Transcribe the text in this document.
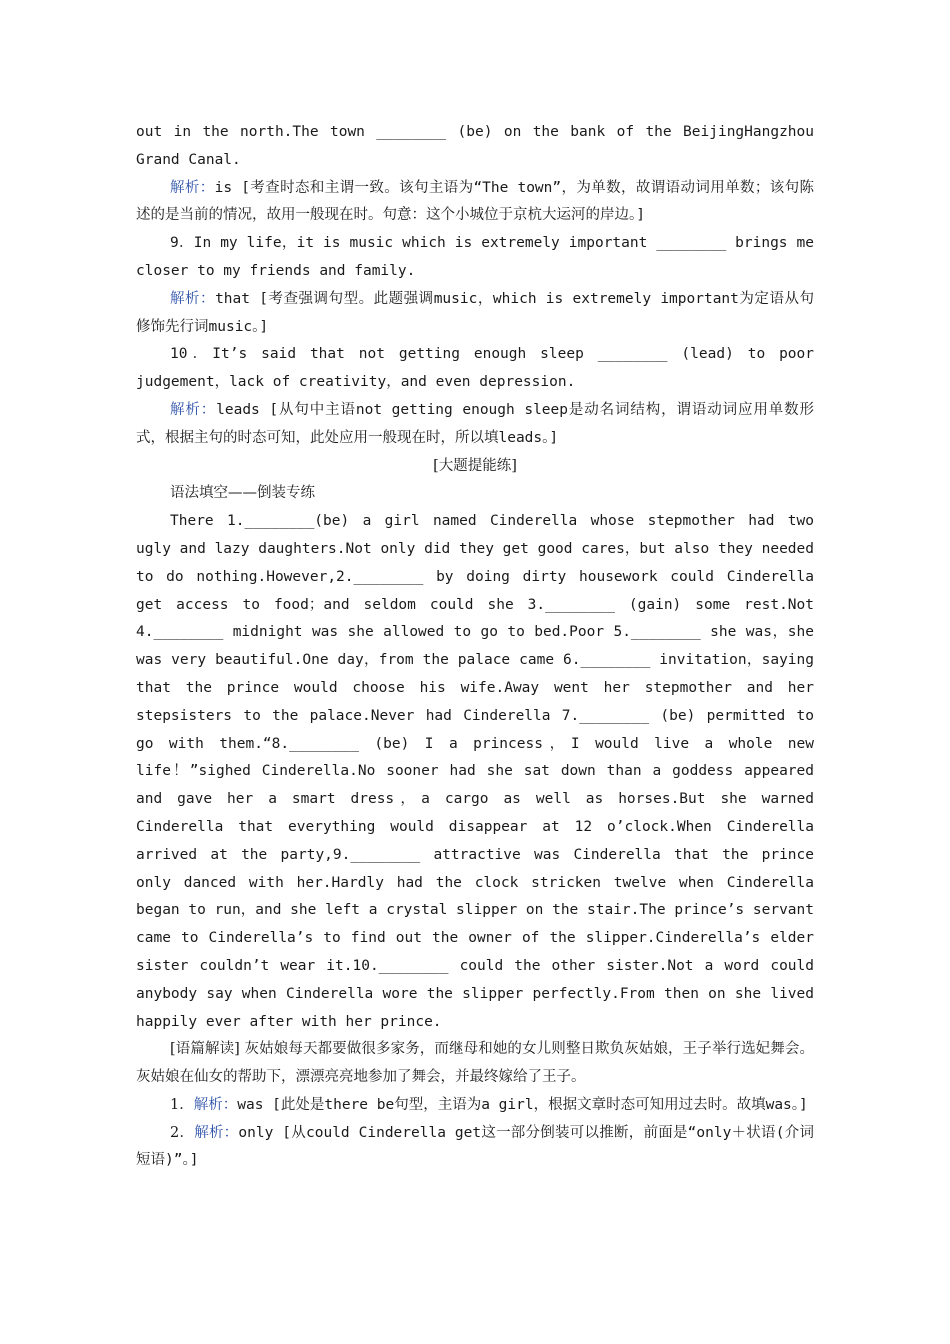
out in the north.The town ________ (be) on the bank of the BeijingHangzhou Grand Canal.

解析：is [考查时态和主谓一致。该句主语为“The town”，为单数，故谓语动词用单数；该句陈述的是当前的情况，故用一般现在时。句意：这个小城位于京杭大运河的岸边。]

9．In my life，it is music which is extremely important ________ brings me closer to my friends and family.

解析：that [考查强调句型。此题强调music，which is extremely important为定语从句修饰先行词music。]

10．It’s said that not getting enough sleep ________ (lead) to poor judgement，lack of creativity，and even depression.

解析：leads [从句中主语not getting enough sleep是动名词结构，谓语动词应用单数形式，根据主句的时态可知，此处应用一般现在时，所以填leads。]

[大题提能练]

语法填空——倒装专练

There 1.________(be) a girl named Cinderella whose stepmother had two ugly and lazy daughters.Not only did they get good cares，but also they needed to do nothing.However,2.________ by doing dirty housework could Cinderella get access to food；and seldom could she 3.________ (gain) some rest.Not 4.________ midnight was she allowed to go to bed.Poor 5.________ she was，she was very beautiful.One day，from the palace came 6.________ invitation，saying that the prince would choose his wife.Away went her stepmother and her stepsisters to the palace.Never had Cinderella 7.________ (be) permitted to go with them.“8.________ (be) I a princess，I would live a whole new life！”sighed Cinderella.No sooner had she sat down than a goddess appeared and gave her a smart dress，a cargo as well as horses.But she warned Cinderella that everything would disappear at 12 o’clock.When Cinderella arrived at the party,9.________ attractive was Cinderella that the prince only danced with her.Hardly had the clock stricken twelve when Cinderella began to run，and she left a crystal slipper on the stair.The prince’s servant came to Cinderella’s to find out the owner of the slipper.Cinderella’s elder sister couldn’t wear it.10.________ could the other sister.Not a word could anybody say when Cinderella wore the slipper perfectly.From then on she lived happily ever after with her prince.

[语篇解读] 灰姑娘每天都要做很多家务，而继母和她的女儿则整日欺负灰姑娘，王子举行选妃舞会。灰姑娘在仙女的帮助下，漂漂亮亮地参加了舞会，并最终嫁给了王子。

1．解析：was [此处是there be句型，主语为a girl，根据文章时态可知用过去时。故填was。]

2．解析：only [从could Cinderella get这一部分倒装可以推断，前面是“only＋状语(介词短语)”。]
